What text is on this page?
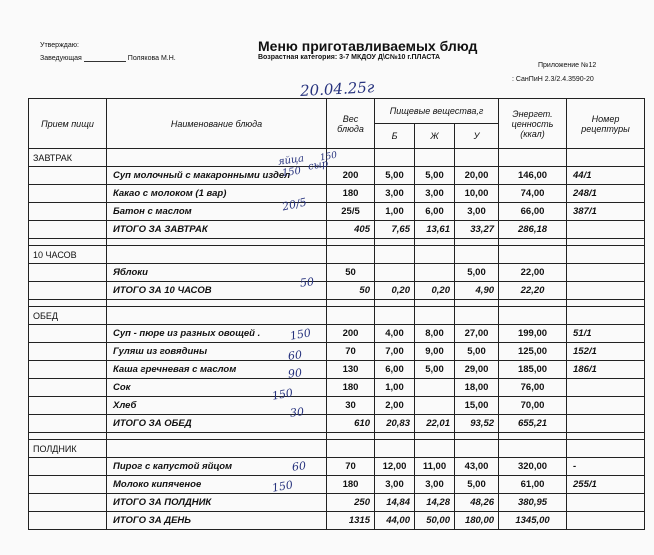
Утверждаю:
Заведующая	Полякова М.Н.
Меню приготавливаемых блюд
Возрастная категория: 3-7 МКДОУ Д\С№10 г.ПЛАСТА
Приложение №12
: СанПиН 2.3/2.4.3590-20
20.04.25г
Прием пищи	Наименование блюда	Вес блюда	Пищевые вещества,г			Энергет. ценность (ккал)	Номер рецептуры
			Б	Ж	У		
ЗАВТРАК							
	Суп молочный с макаронными издел	200	5,00	5,00	20,00	146,00	44/1
	Какао с молоком (1 вар)	180	3,00	3,00	10,00	74,00	248/1
	Батон с маслом	25/5	1,00	6,00	3,00	66,00	387/1
	ИТОГО ЗА ЗАВТРАК	405	7,65	13,61	33,27	286,18	

10 ЧАСОВ							
	Яблоки	50			5,00	22,00	
	ИТОГО ЗА 10 ЧАСОВ	50	0,20	0,20	4,90	22,20	

ОБЕД							
	Суп - пюре из разных овощей .	200	4,00	8,00	27,00	199,00	51/1
	Гуляш из говядины	70	7,00	9,00	5,00	125,00	152/1
	Каша гречневая с маслом	130	6,00	5,00	29,00	185,00	186/1
	Сок	180	1,00		18,00	76,00	
	Хлеб	30	2,00		15,00	70,00	
	ИТОГО ЗА ОБЕД	610	20,83	22,01	93,52	655,21	

ПОЛДНИК							
	Пирог с капустой яйцом	70	12,00	11,00	43,00	320,00	-
	Молоко кипяченое	180	3,00	3,00	5,00	61,00	255/1
	ИТОГО ЗА ПОЛДНИК	250	14,84	14,28	48,26	380,95	
	ИТОГО ЗА ДЕНЬ	1315	44,00	50,00	180,00	1345,00	
яйца
150 сыр
150
20/5
50
150
60
90
150
30
60
150
